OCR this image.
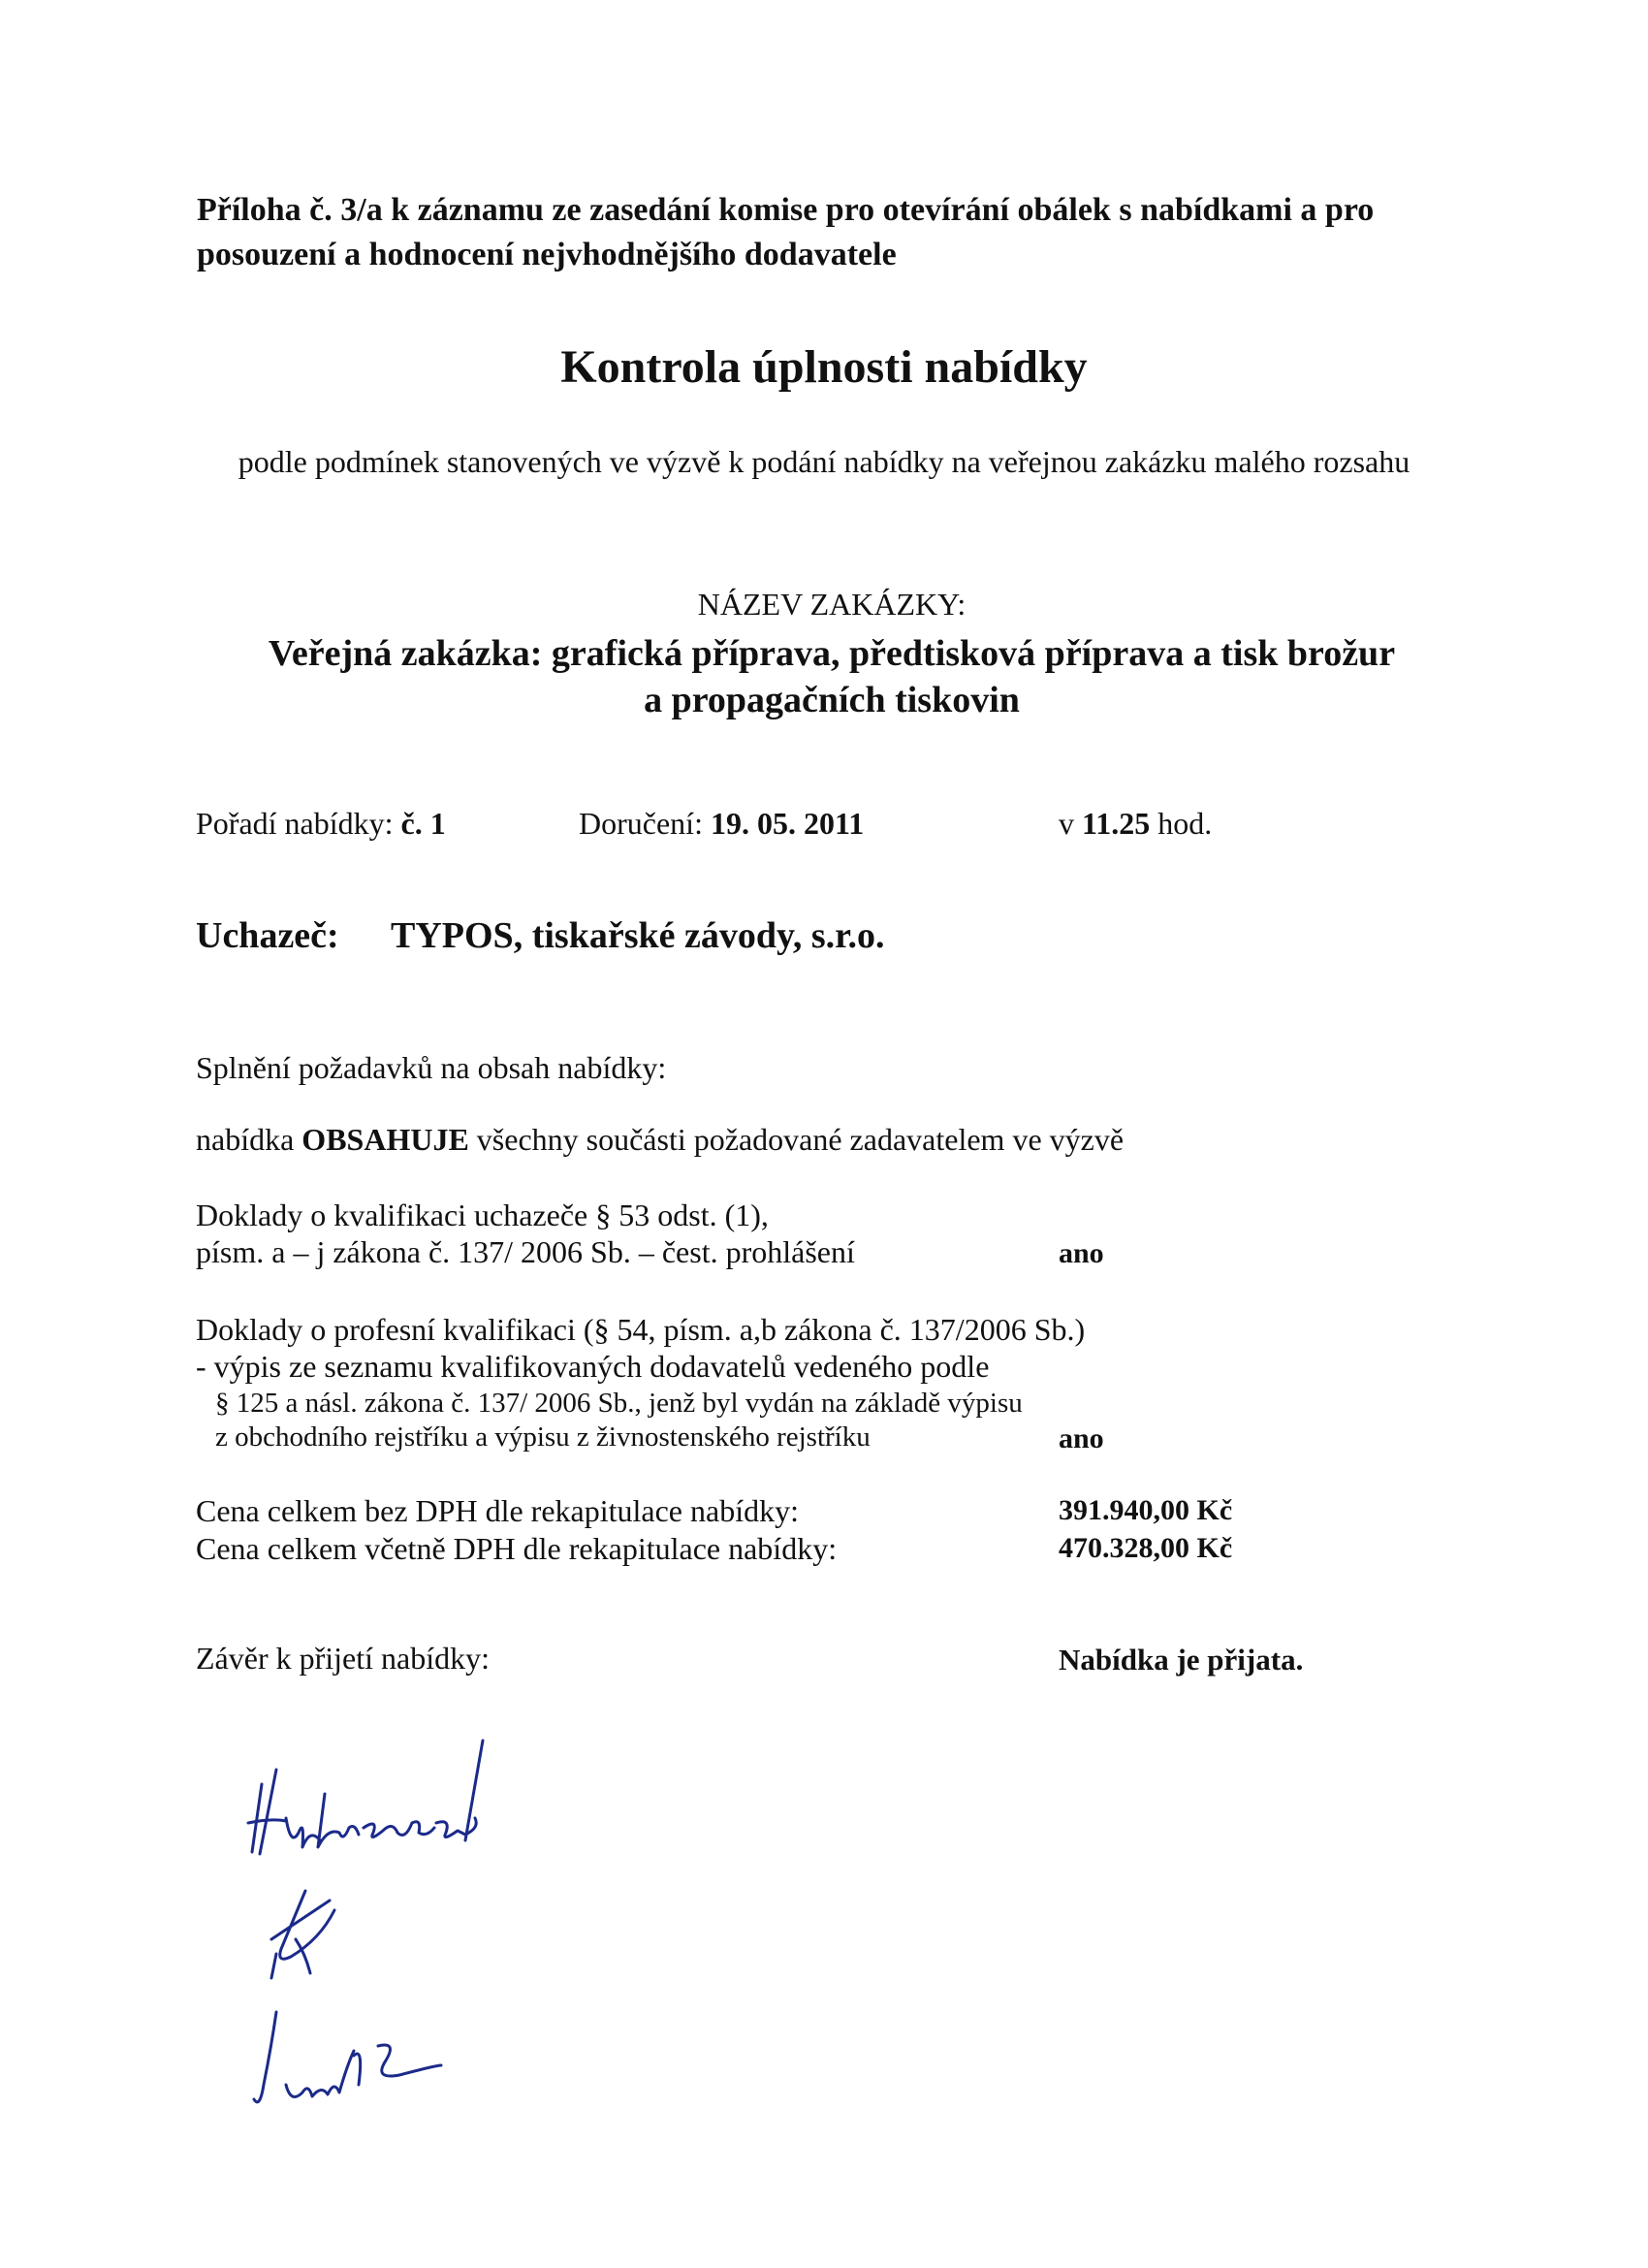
Příloha č. 3/a k záznamu ze zasedání komise pro otevírání obálek s nabídkami a pro
posouzení a hodnocení nejvhodnějšího dodavatele
Kontrola úplnosti nabídky
podle podmínek stanovených ve výzvě k podání nabídky na veřejnou zakázku malého rozsahu
NÁZEV ZAKÁZKY:
Veřejná zakázka: grafická příprava, předtisková příprava a tisk brožur
a propagačních tiskovin
Pořadí nabídky: č. 1	Doručení: 19. 05. 2011	v 11.25 hod.
Uchazeč: TYPOS, tiskařské závody, s.r.o.
Splnění požadavků na obsah nabídky:
nabídka OBSAHUJE všechny součásti požadované zadavatelem ve výzvě
Doklady o kvalifikaci uchazeče § 53 odst. (1),
písm. a – j zákona č. 137/ 2006 Sb. – čest. prohlášení	ano
Doklady o profesní kvalifikaci (§ 54, písm. a,b zákona č. 137/2006 Sb.)
- výpis ze seznamu kvalifikovaných dodavatelů vedeného podle
§ 125 a násl. zákona č. 137/ 2006 Sb., jenž byl vydán na základě výpisu
z obchodního rejstříku a výpisu z živnostenského rejstříku	ano
Cena celkem bez DPH dle rekapitulace nabídky:	391.940,00 Kč
Cena celkem včetně DPH dle rekapitulace nabídky:	470.328,00 Kč
Závěr k přijetí nabídky:	Nabídka je přijata.
